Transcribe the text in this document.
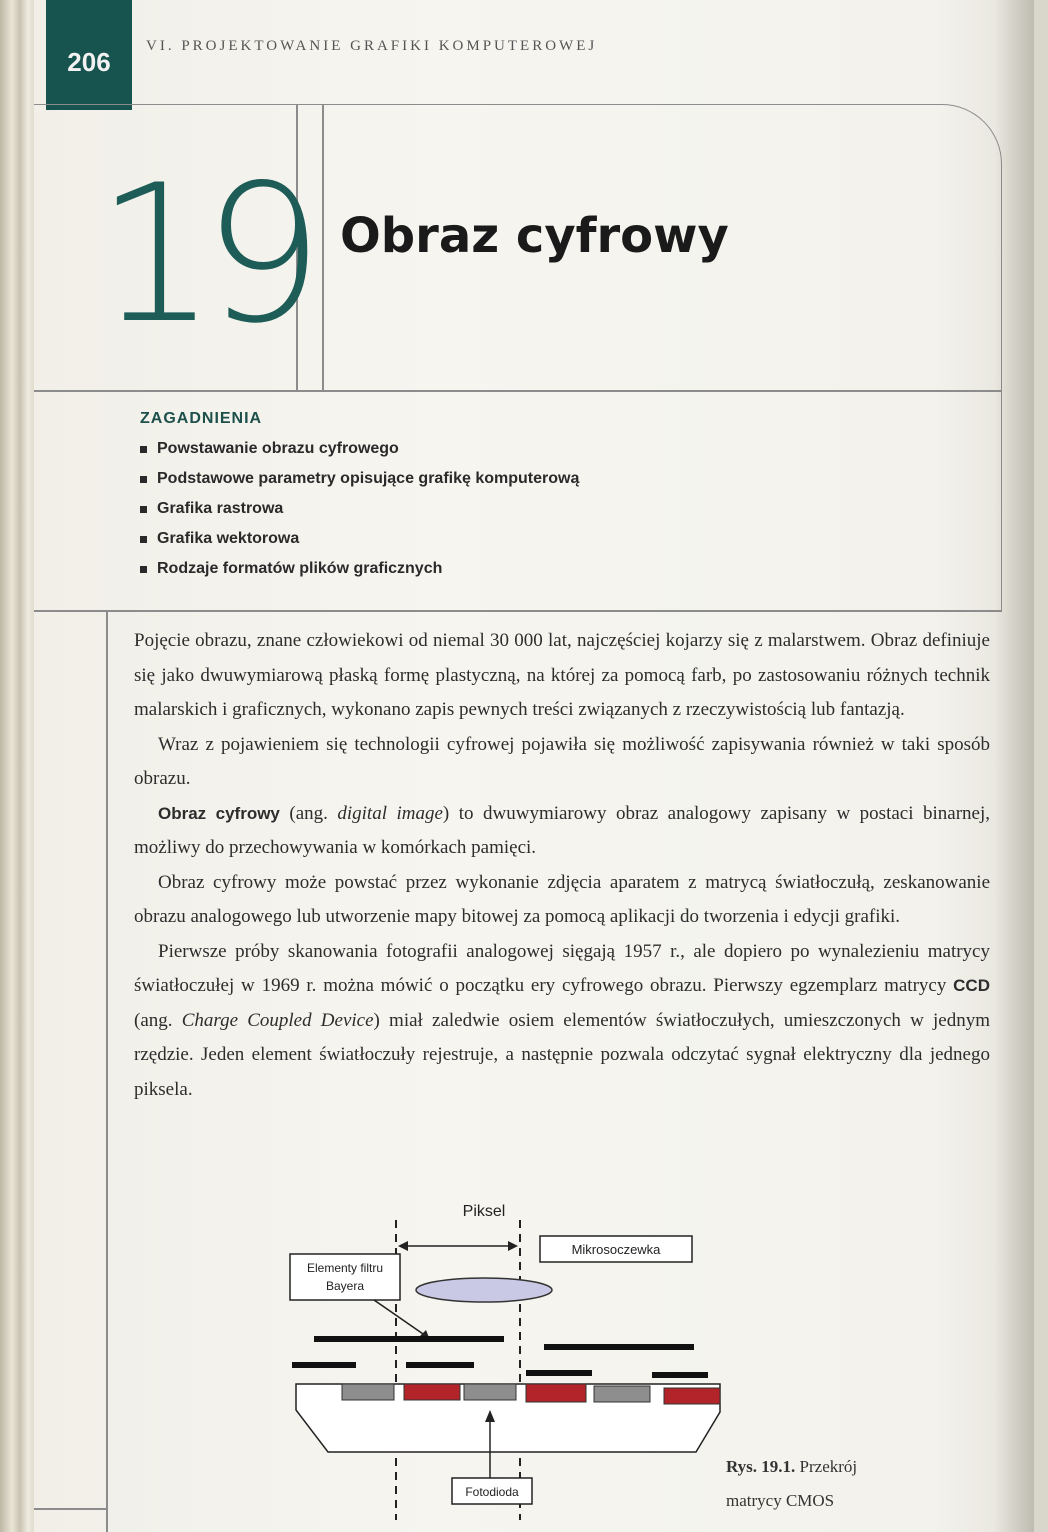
206
VI. PROJEKTOWANIE GRAFIKI KOMPUTEROWEJ
19 Obraz cyfrowy
ZAGADNIENIA
Powstawanie obrazu cyfrowego
Podstawowe parametry opisujące grafikę komputerową
Grafika rastrowa
Grafika wektorowa
Rodzaje formatów plików graficznych

Pojęcie obrazu, znane człowiekowi od niemal 30 000 lat, najczęściej kojarzy się z malarstwem. Obraz definiuje się jako dwuwymiarową płaską formę plastyczną, na której za pomocą farb, po zastosowaniu różnych technik malarskich i graficznych, wykonano zapis pewnych treści związanych z rzeczywistością lub fantazją.

Wraz z pojawieniem się technologii cyfrowej pojawiła się możliwość zapisywania również w taki sposób obrazu.

Obraz cyfrowy (ang. digital image) to dwuwymiarowy obraz analogowy zapisany w postaci binarnej, możliwy do przechowywania w komórkach pamięci.

Obraz cyfrowy może powstać przez wykonanie zdjęcia aparatem z matrycą światłoczułą, zeskanowanie obrazu analogowego lub utworzenie mapy bitowej za pomocą aplikacji do tworzenia i edycji grafiki.

Pierwsze próby skanowania fotografii analogowej sięgają 1957 r., ale dopiero po wynalezieniu matrycy światłoczułej w 1969 r. można mówić o początku ery cyfrowego obrazu. Pierwszy egzemplarz matrycy CCD (ang. Charge Coupled Device) miał zaledwie osiem elementów światłoczułych, umieszczonych w jednym rzędzie. Jeden element światłoczuły rejestruje, a następnie pozwala odczytać sygnał elektryczny dla jednego piksela.

Piksel
Mikrosoczewka
Elementy filtru
Bayera
Fotodioda
Rys. 19.1. Przekrój
matrycy CMOS
